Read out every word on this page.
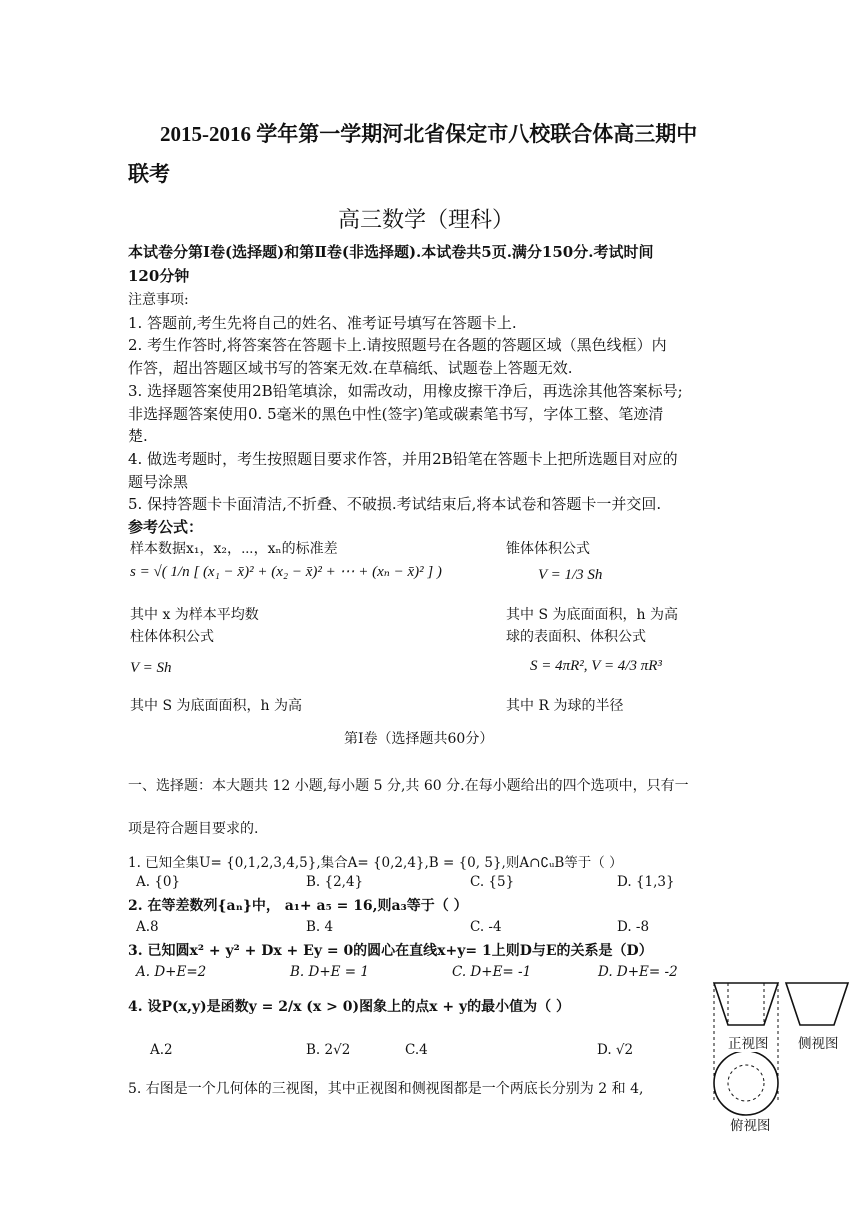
2015-2016 学年第一学期河北省保定市八校联合体高三期中
联考
高三数学（理科）
本试卷分第Ⅰ卷(选择题)和第Ⅱ卷(非选择题).本试卷共5页.满分150分.考试时间
120分钟
注意事项:
1. 答题前,考生先将自己的姓名、准考证号填写在答题卡上.
2. 考生作答时,将答案答在答题卡上.请按照题号在各题的答题区域（黑色线框）内
作答，超出答题区域书写的答案无效.在草稿纸、试题卷上答题无效.
3. 选择题答案使用2B铅笔填涂，如需改动，用橡皮擦干净后，再选涂其他答案标号;
非选择题答案使用0. 5毫米的黑色中性(签字)笔或碳素笔书写，字体工整、笔迹清
楚.
4. 做选考题时，考生按照题目要求作答，并用2B铅笔在答题卡上把所选题目对应的
题号涂黑
5. 保持答题卡卡面清洁,不折叠、不破损.考试结束后,将本试卷和答题卡一并交回.
参考公式：
样本数据x₁，x₂，⋯，xₙ的标准差
s = √( 1/n [ (x₁ − x̄)² + (x₂ − x̄)² + ⋯ + (xₙ − x̄)² ] )
其中 x 为样本平均数
锥体体积公式
V = 1/3 Sh
其中 S 为底面面积，h 为高
柱体体积公式
V = Sh
其中 S 为底面面积，h 为高
球的表面积、体积公式
S = 4πR², V = 4/3 πR³
其中 R 为球的半径
第Ⅰ卷（选择题共60分）
一、选择题：本大题共 12 小题,每小题 5 分,共 60 分.在每小题给出的四个选项中，只有一
项是符合题目要求的.
1. 已知全集U= {0,1,2,3,4,5},集合A= {0,2,4},B = {0, 5},则A∩∁ᵤB等于（ ）
A. {0}	B. {2,4}	C. {5}	D. {1,3}
2. 在等差数列{aₙ}中， a₁+ a₅ = 16,则a₃等于（ ）
A.8	B. 4	C. -4	D. -8
3. 已知圆x² + y² + Dx + Ey = 0的圆心在直线x+y= 1上则D与E的关系是（D）
A. D+E=2	B. D+E = 1	C. D+E= -1	D. D+E= -2
4. 设P(x,y)是函数y = 2/x (x > 0)图象上的点x + y的最小值为（ ）
A.2	B. 2√2	C.4	D. √2
5. 右图是一个几何体的三视图，其中正视图和侧视图都是一个两底长分别为 2 和 4,
正视图 侧视图
俯视图
